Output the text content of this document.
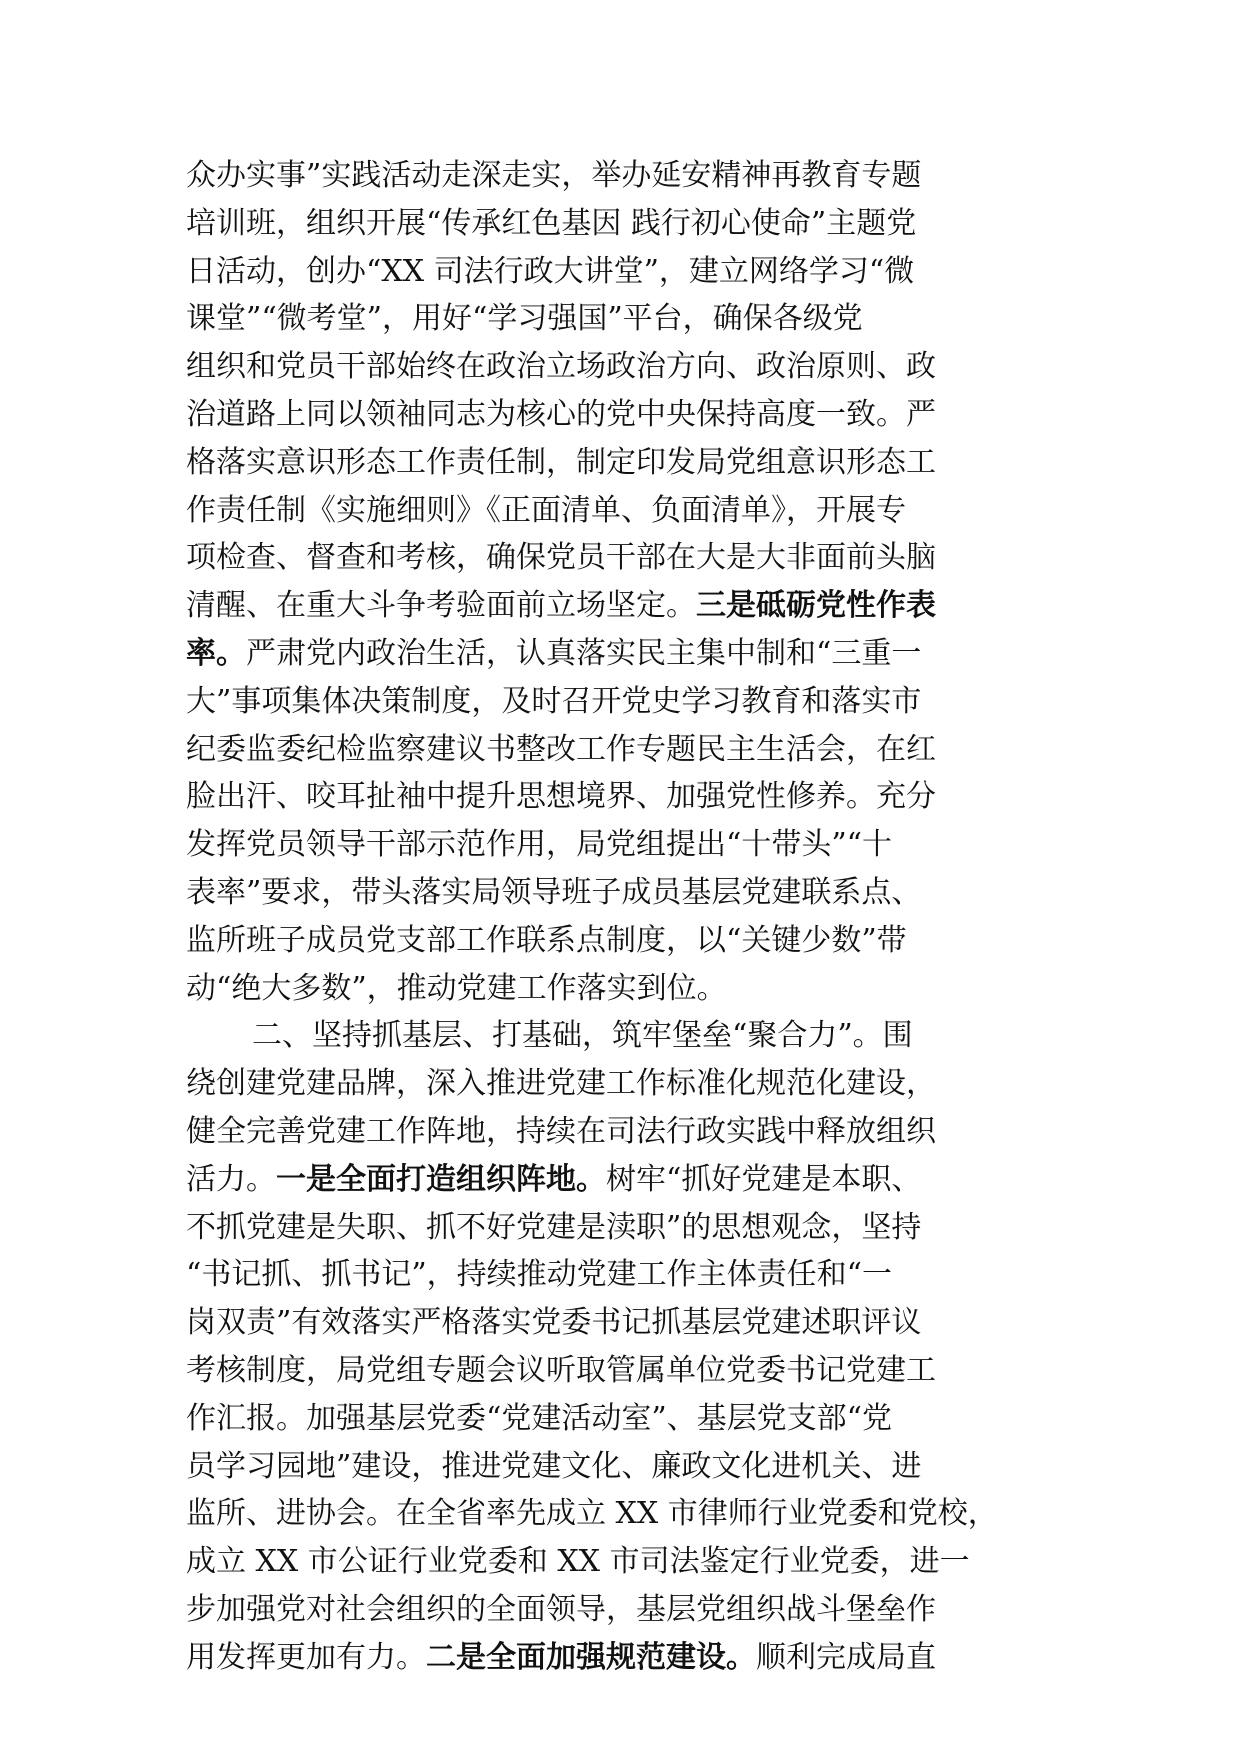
众办实事”实践活动走深走实，举办延安精神再教育专题
培训班，组织开展“传承红色基因 践行初心使命”主题党
日活动，创办“XX 司法行政大讲堂”，建立网络学习“微
课堂”“微考堂”，用好“学习强国”平台，确保各级党
组织和党员干部始终在政治立场政治方向、政治原则、政
治道路上同以领袖同志为核心的党中央保持高度一致。严
格落实意识形态工作责任制，制定印发局党组意识形态工
作责任制《实施细则》《正面清单、负面清单》，开展专
项检查、督查和考核，确保党员干部在大是大非面前头脑
清醒、在重大斗争考验面前立场坚定。三是砥砺党性作表
率。严肃党内政治生活，认真落实民主集中制和“三重一
大”事项集体决策制度，及时召开党史学习教育和落实市
纪委监委纪检监察建议书整改工作专题民主生活会，在红
脸出汗、咬耳扯袖中提升思想境界、加强党性修养。充分
发挥党员领导干部示范作用，局党组提出“十带头”“十
表率”要求，带头落实局领导班子成员基层党建联系点、
监所班子成员党支部工作联系点制度，以“关键少数”带
动“绝大多数”，推动党建工作落实到位。
二、坚持抓基层、打基础，筑牢堡垒“聚合力”。围
绕创建党建品牌，深入推进党建工作标准化规范化建设，
健全完善党建工作阵地，持续在司法行政实践中释放组织
活力。一是全面打造组织阵地。树牢“抓好党建是本职、
不抓党建是失职、抓不好党建是渎职”的思想观念，坚持
“书记抓、抓书记”，持续推动党建工作主体责任和“一
岗双责”有效落实严格落实党委书记抓基层党建述职评议
考核制度，局党组专题会议听取管属单位党委书记党建工
作汇报。加强基层党委“党建活动室”、基层党支部“党
员学习园地”建设，推进党建文化、廉政文化进机关、进
监所、进协会。在全省率先成立 XX 市律师行业党委和党校，
成立 XX 市公证行业党委和 XX 市司法鉴定行业党委，进一
步加强党对社会组织的全面领导，基层党组织战斗堡垒作
用发挥更加有力。二是全面加强规范建设。顺利完成局直
